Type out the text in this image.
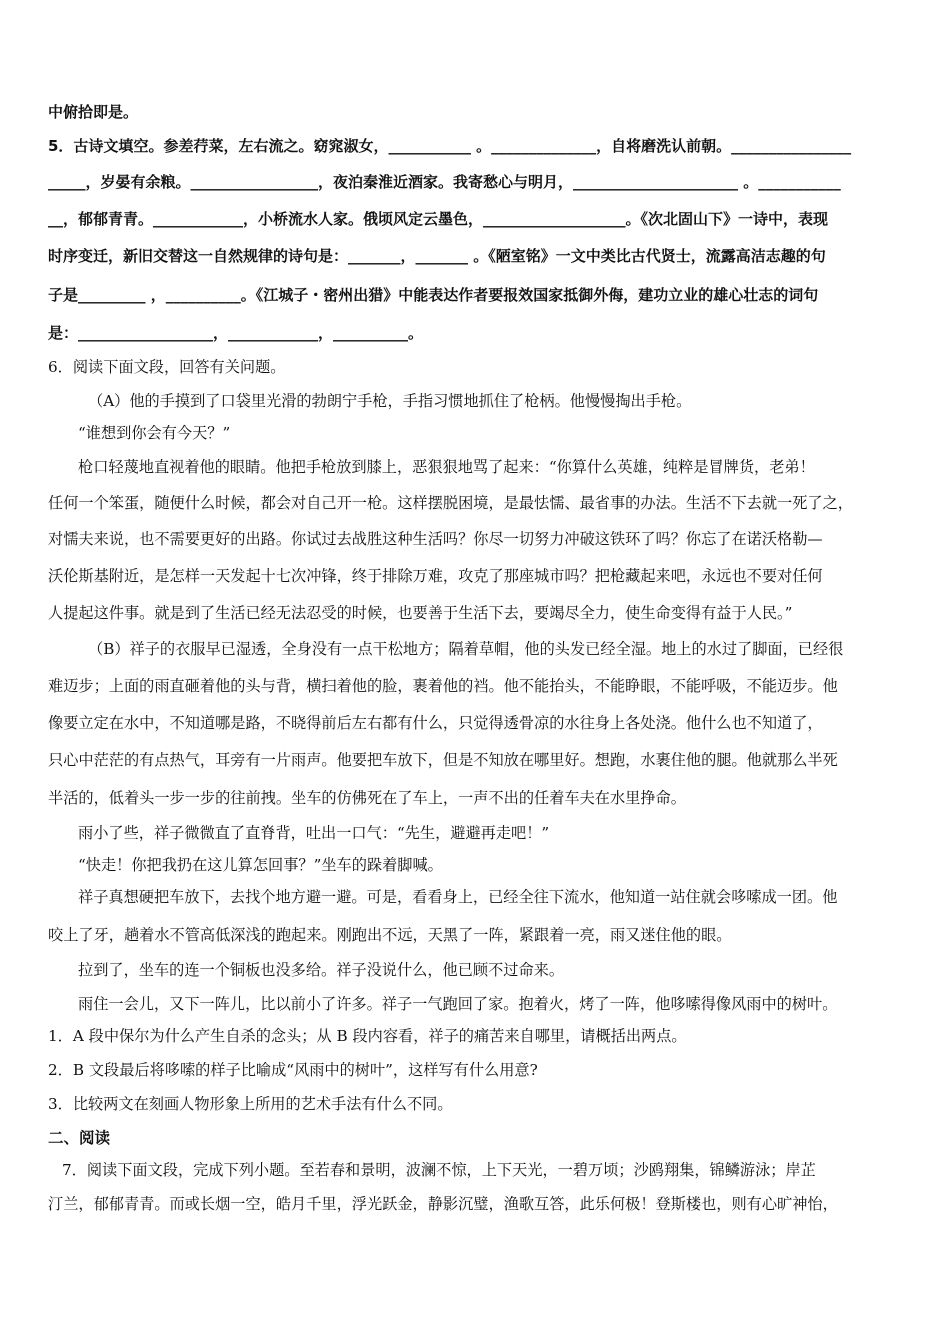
中俯拾即是。
5．古诗文填空。参差荇菜，左右流之。窈窕淑女，___________ 。______________，自将磨洗认前朝。________________
_____，岁晏有余粮。_________________，夜泊秦淮近酒家。我寄愁心与明月，______________________ 。___________
__，郁郁青青。____________，小桥流水人家。俄顷风定云墨色，___________________。《次北固山下》一诗中，表现
时序变迁，新旧交替这一自然规律的诗句是：_______，_______ 。《陋室铭》一文中类比古代贤士，流露高洁志趣的句
子是_________ ，__________。《江城子・密州出猎》中能表达作者要报效国家抵御外侮，建功立业的雄心壮志的词句
是：__________________，____________，__________。
6．阅读下面文段，回答有关问题。
（A）他的手摸到了口袋里光滑的勃朗宁手枪，手指习惯地抓住了枪柄。他慢慢掏出手枪。
“谁想到你会有今天？”
枪口轻蔑地直视着他的眼睛。他把手枪放到膝上，恶狠狠地骂了起来：“你算什么英雄，纯粹是冒牌货，老弟！
任何一个笨蛋，随便什么时候，都会对自己开一枪。这样摆脱困境，是最怯懦、最省事的办法。生活不下去就一死了之，
对懦夫来说，也不需要更好的出路。你试过去战胜这种生活吗？你尽一切努力冲破这铁环了吗？你忘了在诺沃格勒—
沃伦斯基附近，是怎样一天发起十七次冲锋，终于排除万难，攻克了那座城市吗？把枪藏起来吧，永远也不要对任何
人提起这件事。就是到了生活已经无法忍受的时候，也要善于生活下去，要竭尽全力，使生命变得有益于人民。”
（B）祥子的衣服早已湿透，全身没有一点干松地方；隔着草帽，他的头发已经全湿。地上的水过了脚面，已经很
难迈步；上面的雨直砸着他的头与背，横扫着他的脸，裹着他的裆。他不能抬头，不能睁眼，不能呼吸，不能迈步。他
像要立定在水中，不知道哪是路，不晓得前后左右都有什么，只觉得透骨凉的水往身上各处浇。他什么也不知道了，
只心中茫茫的有点热气，耳旁有一片雨声。他要把车放下，但是不知放在哪里好。想跑，水裹住他的腿。他就那么半死
半活的，低着头一步一步的往前拽。坐车的仿佛死在了车上，一声不出的任着车夫在水里挣命。
雨小了些，祥子微微直了直脊背，吐出一口气：“先生，避避再走吧！”
“快走！你把我扔在这儿算怎回事？”坐车的跺着脚喊。
祥子真想硬把车放下，去找个地方避一避。可是，看看身上，已经全往下流水，他知道一站住就会哆嗦成一团。他
咬上了牙，趟着水不管高低深浅的跑起来。刚跑出不远，天黑了一阵，紧跟着一亮，雨又迷住他的眼。
拉到了，坐车的连一个铜板也没多给。祥子没说什么，他已顾不过命来。
雨住一会儿，又下一阵儿，比以前小了许多。祥子一气跑回了家。抱着火，烤了一阵，他哆嗦得像风雨中的树叶。
1．A 段中保尔为什么产生自杀的念头；从 B 段内容看，祥子的痛苦来自哪里，请概括出两点。
2．B 文段最后将哆嗦的样子比喻成“风雨中的树叶”，这样写有什么用意?
3．比较两文在刻画人物形象上所用的艺术手法有什么不同。
二、阅读
7．阅读下面文段，完成下列小题。至若春和景明，波澜不惊，上下天光，一碧万顷；沙鸥翔集，锦鳞游泳；岸芷
汀兰，郁郁青青。而或长烟一空，皓月千里，浮光跃金，静影沉璧，渔歌互答，此乐何极！登斯楼也，则有心旷神怡，
